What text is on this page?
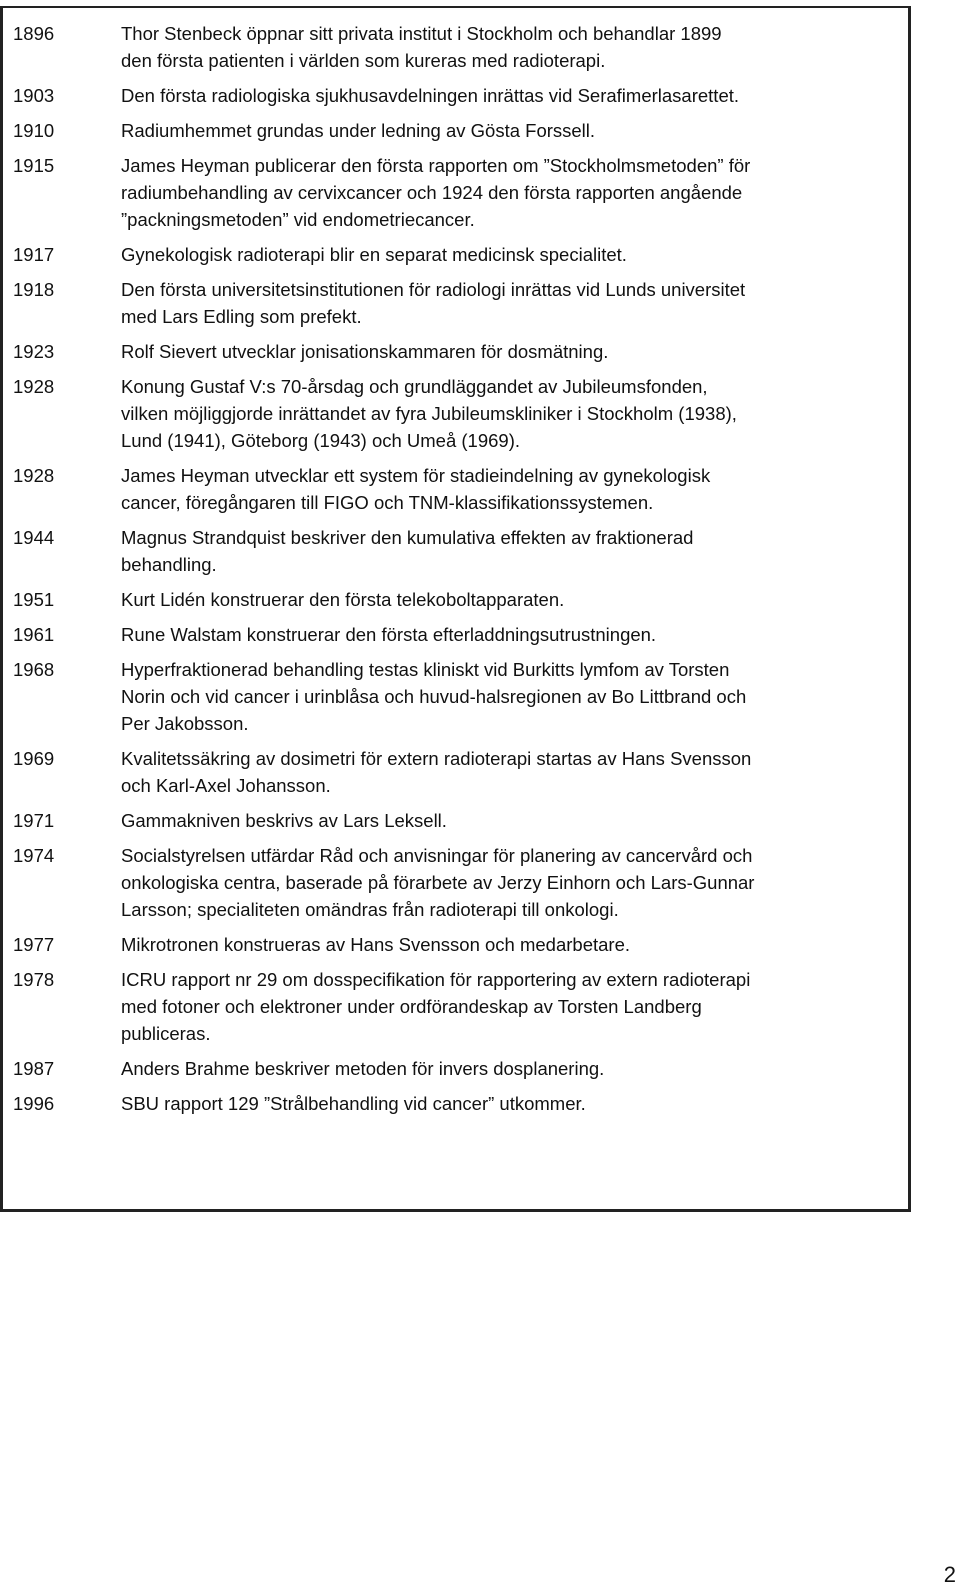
1896	Thor Stenbeck öppnar sitt privata institut i Stockholm och behandlar 1899
den första patienten i världen som kureras med radioterapi.
1903	Den första radiologiska sjukhusavdelningen inrättas vid Serafimerlasarettet.
1910	Radiumhemmet grundas under ledning av Gösta Forssell.
1915	James Heyman publicerar den första rapporten om ”Stockholmsmetoden” för
radiumbehandling av cervixcancer och 1924 den första rapporten angående
”packningsmetoden” vid endometriecancer.
1917	Gynekologisk radioterapi blir en separat medicinsk specialitet.
1918	Den första universitetsinstitutionen för radiologi inrättas vid Lunds universitet
med Lars Edling som prefekt.
1923	Rolf Sievert utvecklar jonisationskammaren för dosmätning.
1928	Konung Gustaf V:s 70-årsdag och grundläggandet av Jubileumsfonden,
vilken möjliggjorde inrättandet av fyra Jubileumskliniker i Stockholm (1938),
Lund (1941), Göteborg (1943) och Umeå (1969).
1928	James Heyman utvecklar ett system för stadieindelning av gynekologisk
cancer, föregångaren till FIGO och TNM-klassifikationssystemen.
1944	Magnus Strandquist beskriver den kumulativa effekten av fraktionerad
behandling.
1951	Kurt Lidén konstruerar den första telekoboltapparaten.
1961	Rune Walstam konstruerar den första efterladdningsutrustningen.
1968	Hyperfraktionerad behandling testas kliniskt vid Burkitts lymfom av Torsten
Norin och vid cancer i urinblåsa och huvud-halsregionen av Bo Littbrand och
Per Jakobsson.
1969	Kvalitetssäkring av dosimetri för extern radioterapi startas av Hans Svensson
och Karl-Axel Johansson.
1971	Gammakniven beskrivs av Lars Leksell.
1974	Socialstyrelsen utfärdar Råd och anvisningar för planering av cancervård och
onkologiska centra, baserade på förarbete av Jerzy Einhorn och Lars-Gunnar
Larsson; specialiteten omändras från radioterapi till onkologi.
1977	Mikrotronen konstrueras av Hans Svensson och medarbetare.
1978	ICRU rapport nr 29 om dosspecifikation för rapportering av extern radioterapi
med fotoner och elektroner under ordförandeskap av Torsten Landberg
publiceras.
1987	Anders Brahme beskriver metoden för invers dosplanering.
1996	SBU rapport 129 ”Strålbehandling vid cancer” utkommer.
2
